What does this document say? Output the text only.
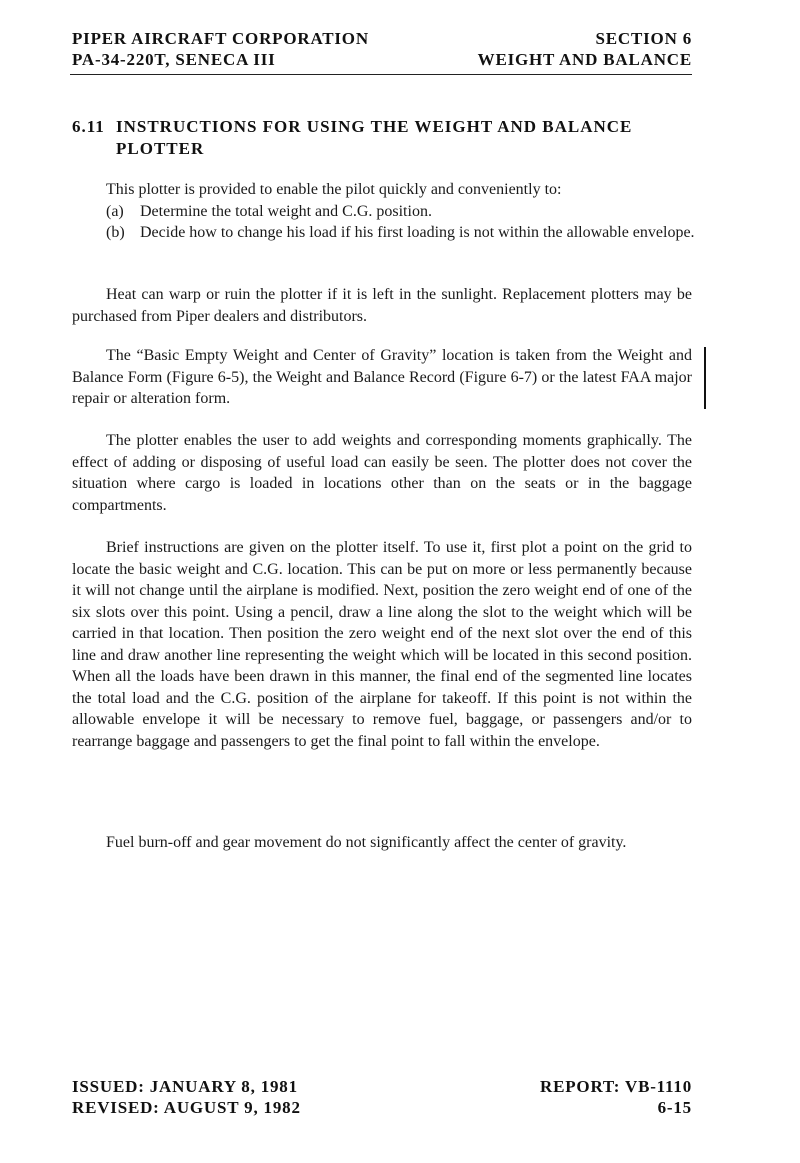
PIPER AIRCRAFT CORPORATION
PA-34-220T, SENECA III
SECTION 6
WEIGHT AND BALANCE
6.11 INSTRUCTIONS FOR USING THE WEIGHT AND BALANCE
PLOTTER
This plotter is provided to enable the pilot quickly and conveniently to:
(a) Determine the total weight and C.G. position.
(b) Decide how to change his load if his first loading is not within the allowable envelope.

Heat can warp or ruin the plotter if it is left in the sunlight. Replacement plotters may be purchased from Piper dealers and distributors.

The “Basic Empty Weight and Center of Gravity” location is taken from the Weight and Balance Form (Figure 6-5), the Weight and Balance Record (Figure 6-7) or the latest FAA major repair or alteration form.

The plotter enables the user to add weights and corresponding moments graphically. The effect of adding or disposing of useful load can easily be seen. The plotter does not cover the situation where cargo is loaded in locations other than on the seats or in the baggage compartments.

Brief instructions are given on the plotter itself. To use it, first plot a point on the grid to locate the basic weight and C.G. location. This can be put on more or less permanently because it will not change until the airplane is modified. Next, position the zero weight end of one of the six slots over this point. Using a pencil, draw a line along the slot to the weight which will be carried in that location. Then position the zero weight end of the next slot over the end of this line and draw another line representing the weight which will be located in this second position. When all the loads have been drawn in this manner, the final end of the segmented line locates the total load and the C.G. position of the airplane for takeoff. If this point is not within the allowable envelope it will be necessary to remove fuel, baggage, or passengers and/or to rearrange baggage and passengers to get the final point to fall within the envelope.

Fuel burn-off and gear movement do not significantly affect the center of gravity.

ISSUED: JANUARY 8, 1981
REVISED: AUGUST 9, 1982
REPORT: VB-1110
6-15
